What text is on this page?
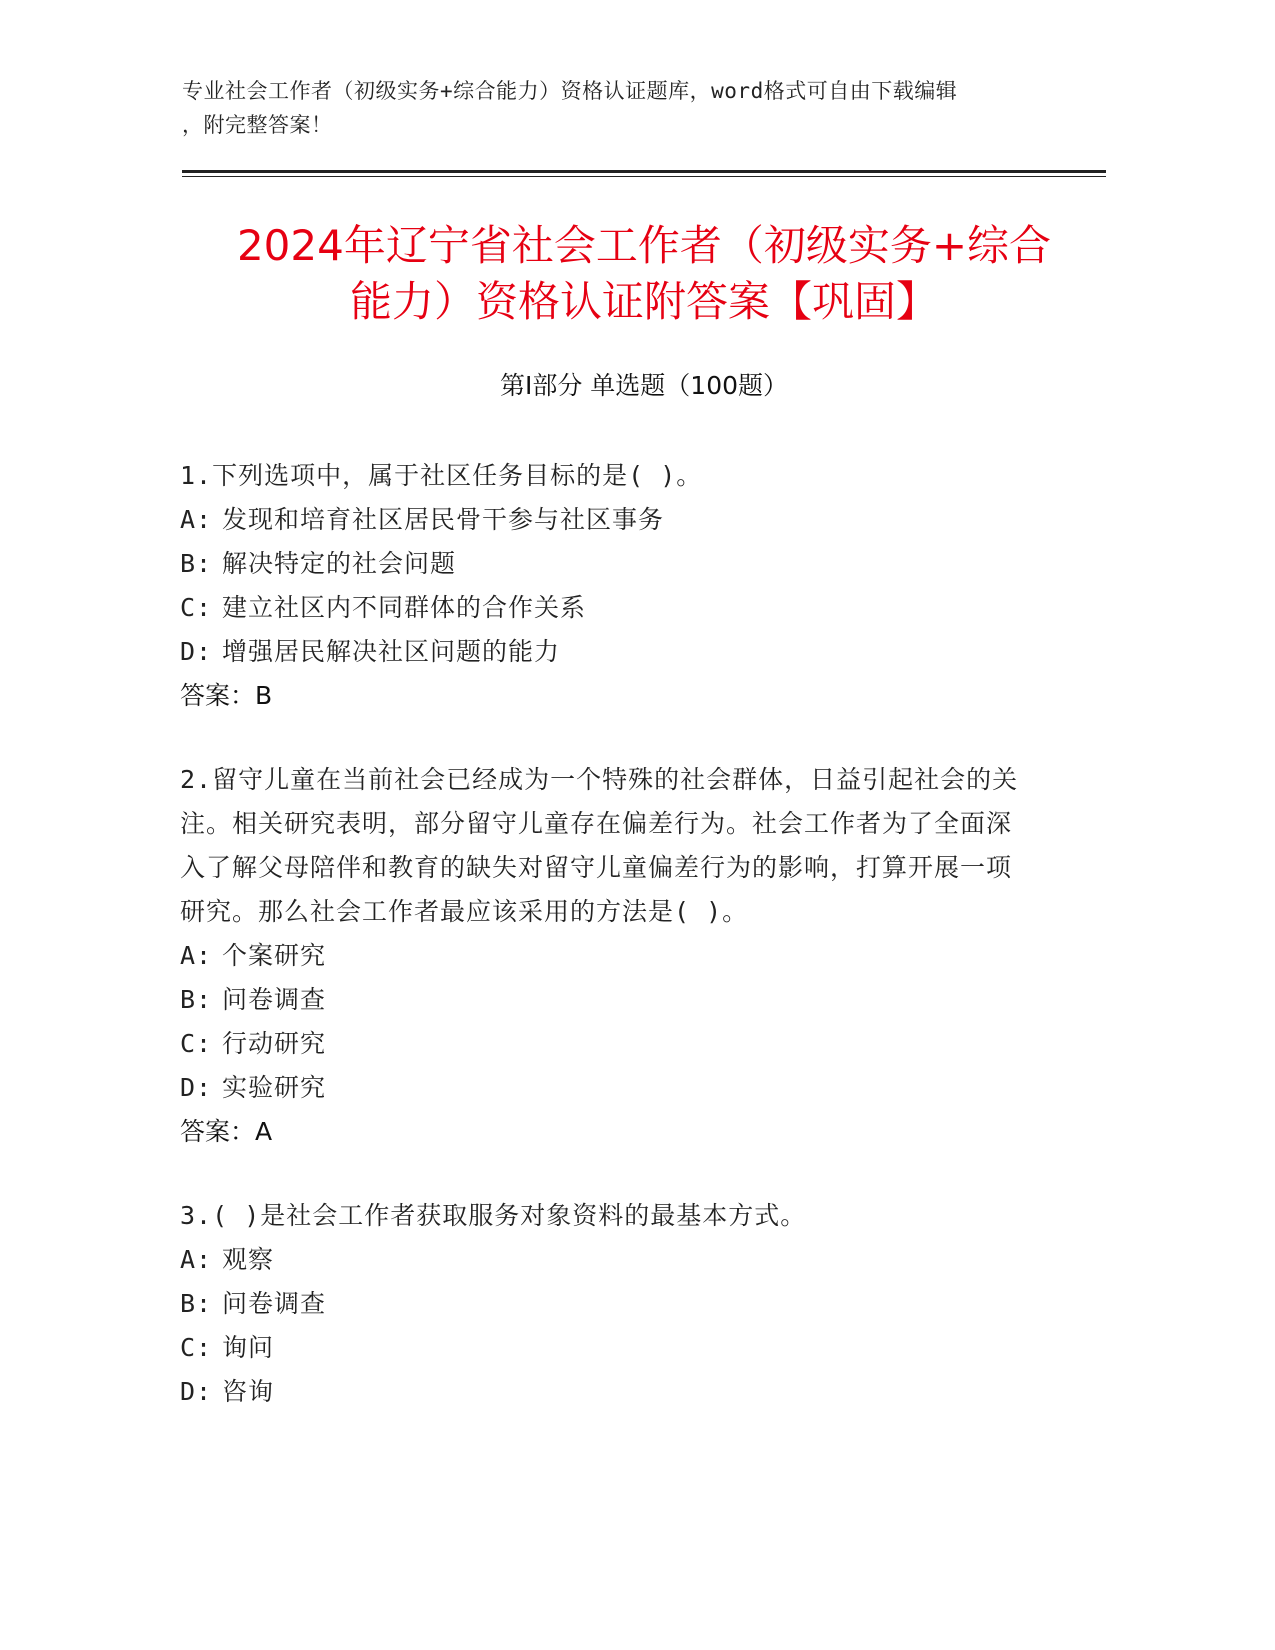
专业社会工作者（初级实务+综合能力）资格认证题库，word格式可自由下载编辑
，附完整答案！
2024年辽宁省社会工作者（初级实务+综合
能力）资格认证附答案【巩固】
第Ⅰ部分 单选题（100题）
1.下列选项中，属于社区任务目标的是( )。
A: 发现和培育社区居民骨干参与社区事务
B: 解决特定的社会问题
C: 建立社区内不同群体的合作关系
D: 增强居民解决社区问题的能力
答案：B
2.留守儿童在当前社会已经成为一个特殊的社会群体，日益引起社会的关注。相关研究表明，部分留守儿童存在偏差行为。社会工作者为了全面深入了解父母陪伴和教育的缺失对留守儿童偏差行为的影响，打算开展一项研究。那么社会工作者最应该采用的方法是( )。
A: 个案研究
B: 问卷调查
C: 行动研究
D: 实验研究
答案：A
3.( )是社会工作者获取服务对象资料的最基本方式。
A: 观察
B: 问卷调查
C: 询问
D: 咨询
